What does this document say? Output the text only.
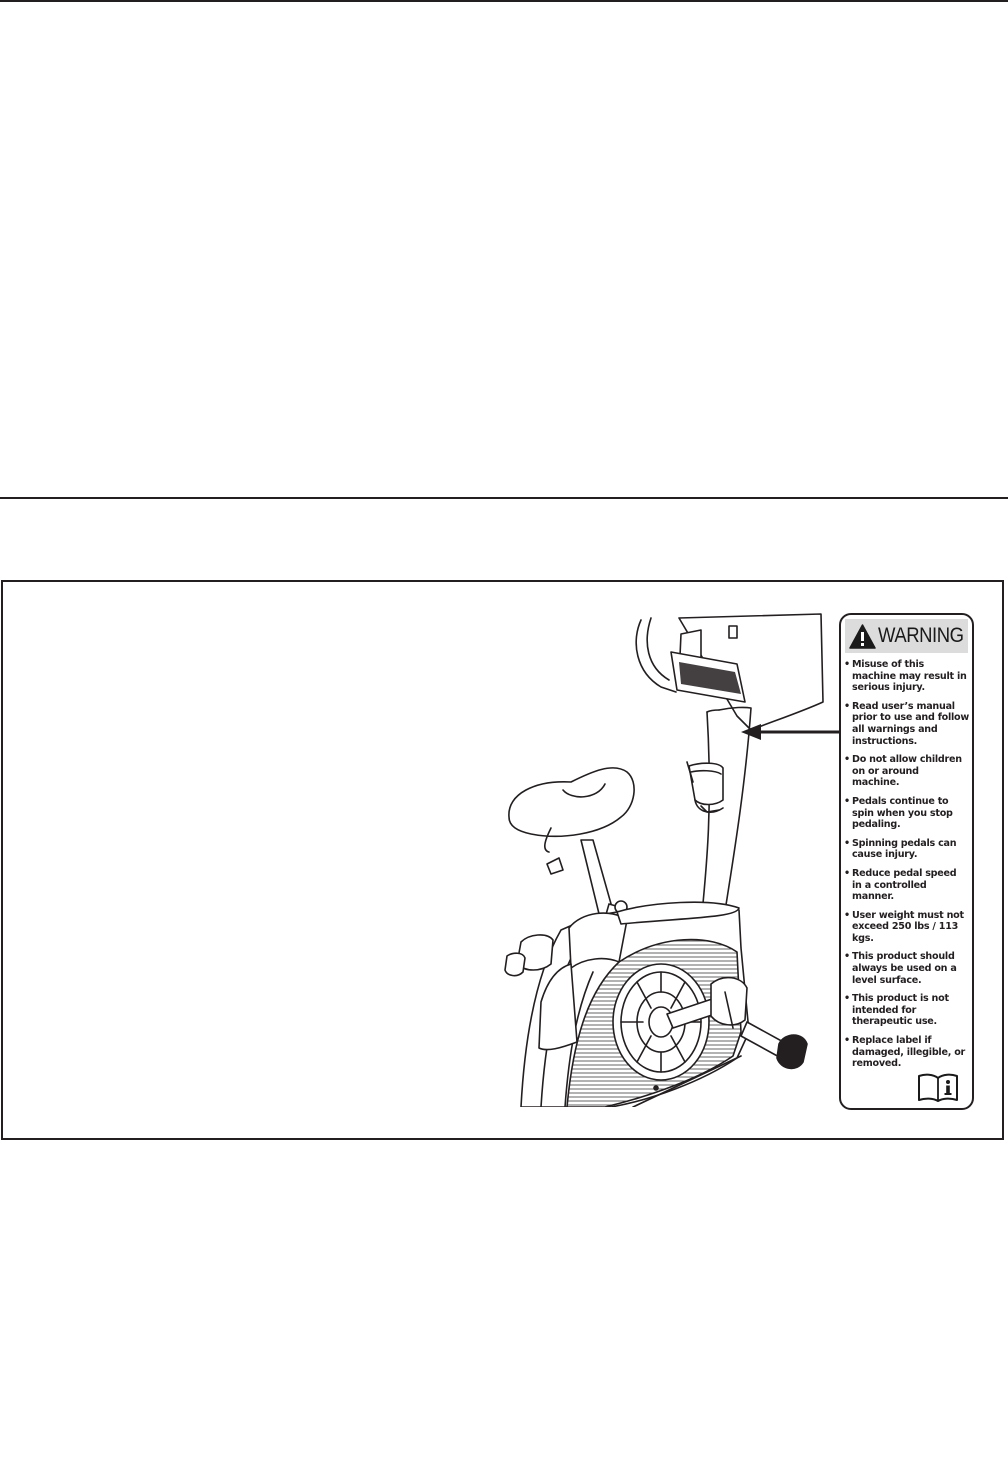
WARNING
• Misuse of this machine may result in serious injury.
• Read user’s manual prior to use and follow all warnings and instructions.
• Do not allow children on or around machine.
• Pedals continue to spin when you stop pedaling.
• Spinning pedals can cause injury.
• Reduce pedal speed in a controlled manner.
• User weight must not exceed 250 lbs / 113 kgs.
• This product should always be used on a level surface.
• This product is not intended for therapeutic use.
• Replace label if damaged, illegible, or removed.
